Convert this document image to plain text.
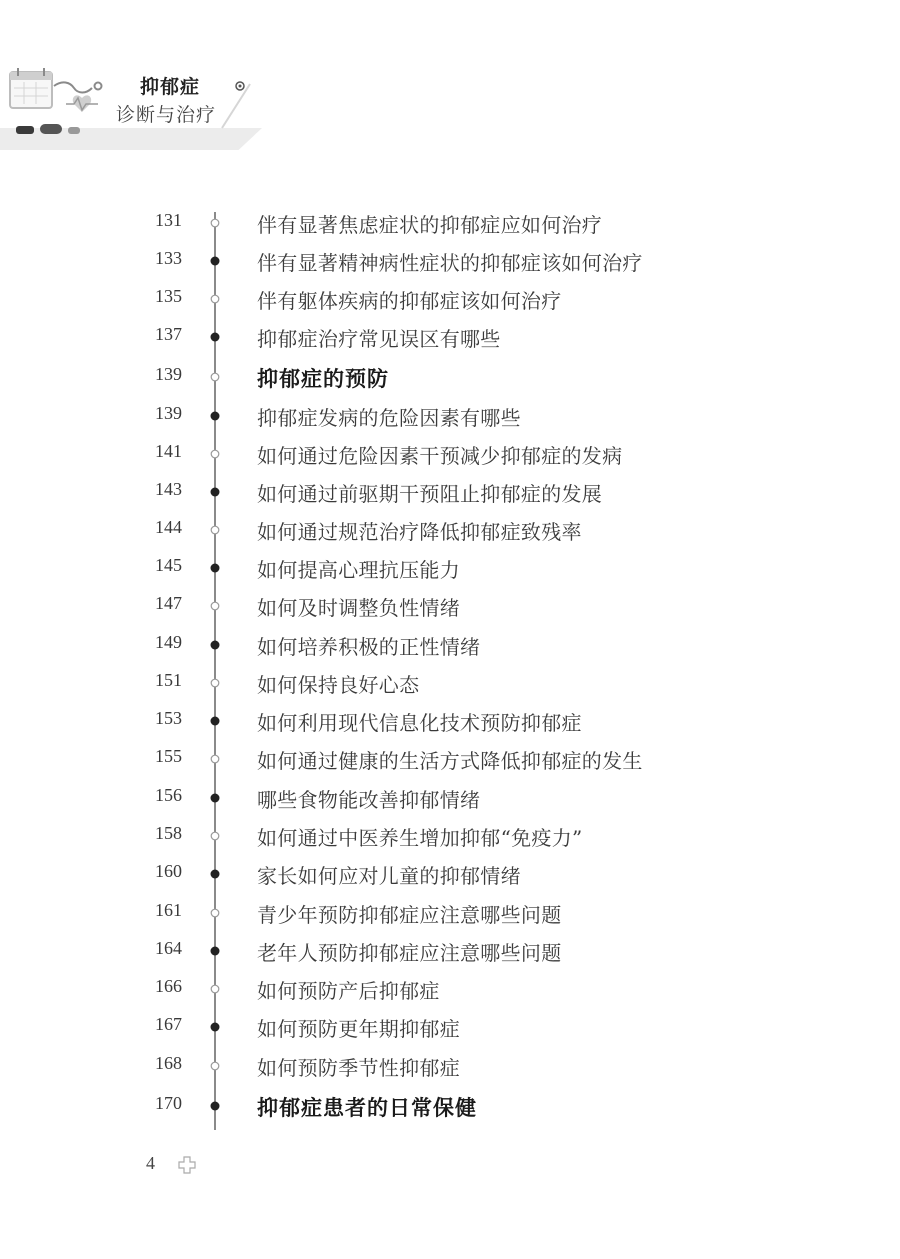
抑郁症
诊断与治疗
131	伴有显著焦虑症状的抑郁症应如何治疗
133	伴有显著精神病性症状的抑郁症该如何治疗
135	伴有躯体疾病的抑郁症该如何治疗
137	抑郁症治疗常见误区有哪些
139	抑郁症的预防
139	抑郁症发病的危险因素有哪些
141	如何通过危险因素干预减少抑郁症的发病
143	如何通过前驱期干预阻止抑郁症的发展
144	如何通过规范治疗降低抑郁症致残率
145	如何提高心理抗压能力
147	如何及时调整负性情绪
149	如何培养积极的正性情绪
151	如何保持良好心态
153	如何利用现代信息化技术预防抑郁症
155	如何通过健康的生活方式降低抑郁症的发生
156	哪些食物能改善抑郁情绪
158	如何通过中医养生增加抑郁“免疫力”
160	家长如何应对儿童的抑郁情绪
161	青少年预防抑郁症应注意哪些问题
164	老年人预防抑郁症应注意哪些问题
166	如何预防产后抑郁症
167	如何预防更年期抑郁症
168	如何预防季节性抑郁症
170	抑郁症患者的日常保健
4
